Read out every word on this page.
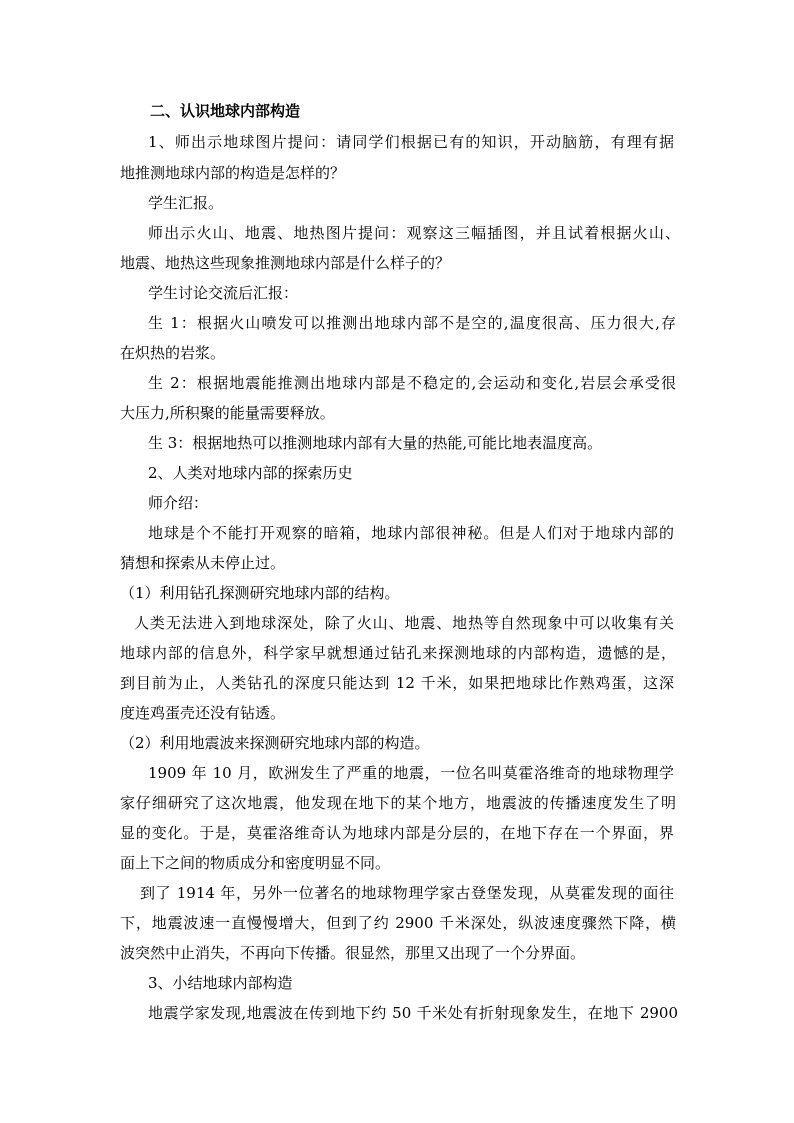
二、认识地球内部构造
1、师出示地球图片提问：请同学们根据已有的知识，开动脑筋，有理有据
地推测地球内部的构造是怎样的？
学生汇报。
师出示火山、地震、地热图片提问：观察这三幅插图，并且试着根据火山、
地震、地热这些现象推测地球内部是什么样子的？
学生讨论交流后汇报：
生 1：根据火山喷发可以推测出地球内部不是空的,温度很高、压力很大,存
在炽热的岩浆。
生 2：根据地震能推测出地球内部是不稳定的,会运动和变化,岩层会承受很
大压力,所积聚的能量需要释放。
生 3：根据地热可以推测地球内部有大量的热能,可能比地表温度高。
2、人类对地球内部的探索历史
师介绍：
地球是个不能打开观察的暗箱，地球内部很神秘。但是人们对于地球内部的
猜想和探索从未停止过。
（1）利用钻孔探测研究地球内部的结构。
人类无法进入到地球深处，除了火山、地震、地热等自然现象中可以收集有关
地球内部的信息外，科学家早就想通过钻孔来探测地球的内部构造，遗憾的是，
到目前为止，人类钻孔的深度只能达到 12 千米，如果把地球比作熟鸡蛋，这深
度连鸡蛋壳还没有钻透。
（2）利用地震波来探测研究地球内部的构造。
1909 年 10 月，欧洲发生了严重的地震，一位名叫莫霍洛维奇的地球物理学
家仔细研究了这次地震，他发现在地下的某个地方，地震波的传播速度发生了明
显的变化。于是，莫霍洛维奇认为地球内部是分层的，在地下存在一个界面，界
面上下之间的物质成分和密度明显不同。
到了 1914 年，另外一位著名的地球物理学家古登堡发现，从莫霍发现的面往
下，地震波速一直慢慢增大，但到了约 2900 千米深处，纵波速度骤然下降，横
波突然中止消失，不再向下传播。很显然，那里又出现了一个分界面。
3、小结地球内部构造
地震学家发现,地震波在传到地下约 50 千米处有折射现象发生，在地下 2900
